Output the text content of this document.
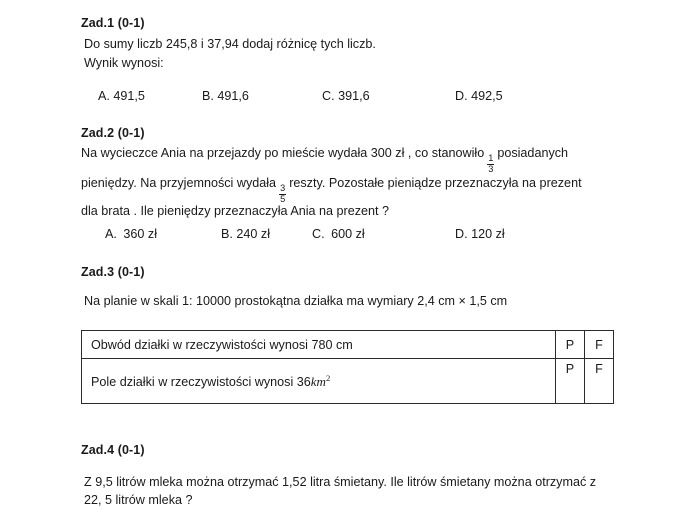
Zad.1 (0-1)
Do sumy liczb 245,8 i 37,94 dodaj różnicę tych liczb.
Wynik wynosi:
A. 491,5	B. 491,6	C. 391,6	D. 492,5
Zad.2 (0-1)
Na wycieczce Ania na przejazdy po mieście wydała 300 zł , co stanowiło
$\frac{1}{3}$
posiadanych
pieniędzy. Na przyjemności wydała
$\frac{3}{5}$
reszty. Pozostałe pieniądze przeznaczyła na prezent
dla brata . Ile pieniędzy przeznaczyła Ania na prezent ?
A. 360 zł	B. 240 zł	C. 600 zł	D. 120 zł
Zad.3 (0-1)
Na planie w skali 1: 10000 prostokątna działka ma wymiary 2,4 cm × 1,5 cm
Obwód działki w rzeczywistości wynosi 780 cm	P	F
Pole działki w rzeczywistości wynosi $36km^2$	P	F
Zad.4 (0-1)
Z 9,5 litrów mleka można otrzymać 1,52 litra śmietany. Ile litrów śmietany można otrzymać z
22, 5 litrów mleka ?
